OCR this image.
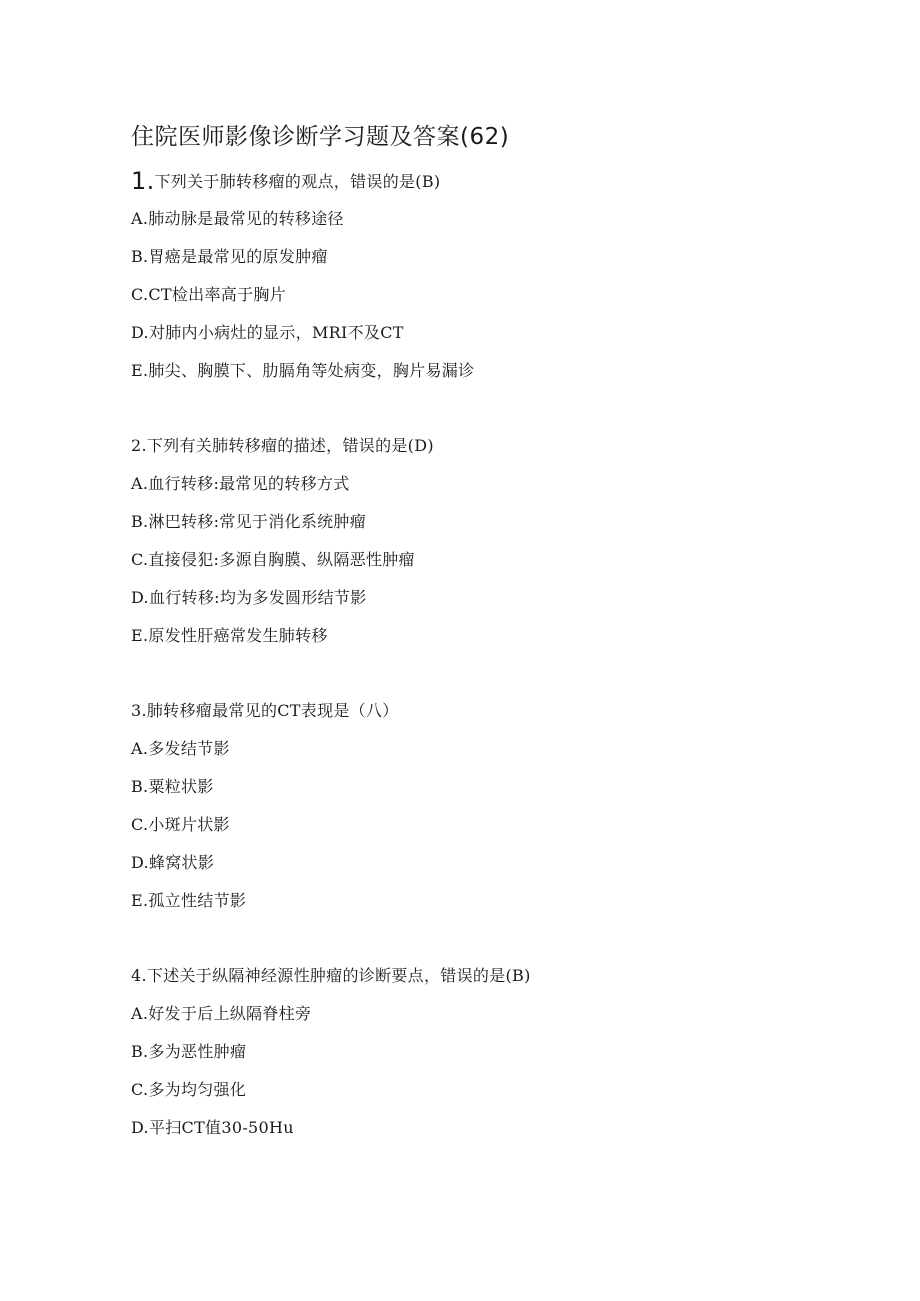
住院医师影像诊断学习题及答案(62)
1.下列关于肺转移瘤的观点，错误的是(B)
A.肺动脉是最常见的转移途径
B.胃癌是最常见的原发肿瘤
C.CT检出率高于胸片
D.对肺内小病灶的显示，MRI不及CT
E.肺尖、胸膜下、肋膈角等处病变，胸片易漏诊
2.下列有关肺转移瘤的描述，错误的是(D)
A.血行转移:最常见的转移方式
B.淋巴转移:常见于消化系统肿瘤
C.直接侵犯:多源自胸膜、纵隔恶性肿瘤
D.血行转移:均为多发圆形结节影
E.原发性肝癌常发生肺转移
3.肺转移瘤最常见的CT表现是（八）
A.多发结节影
B.粟粒状影
C.小斑片状影
D.蜂窝状影
E.孤立性结节影
4.下述关于纵隔神经源性肿瘤的诊断要点，错误的是(B)
A.好发于后上纵隔脊柱旁
B.多为恶性肿瘤
C.多为均匀强化
D.平扫CT值30-50Hu
